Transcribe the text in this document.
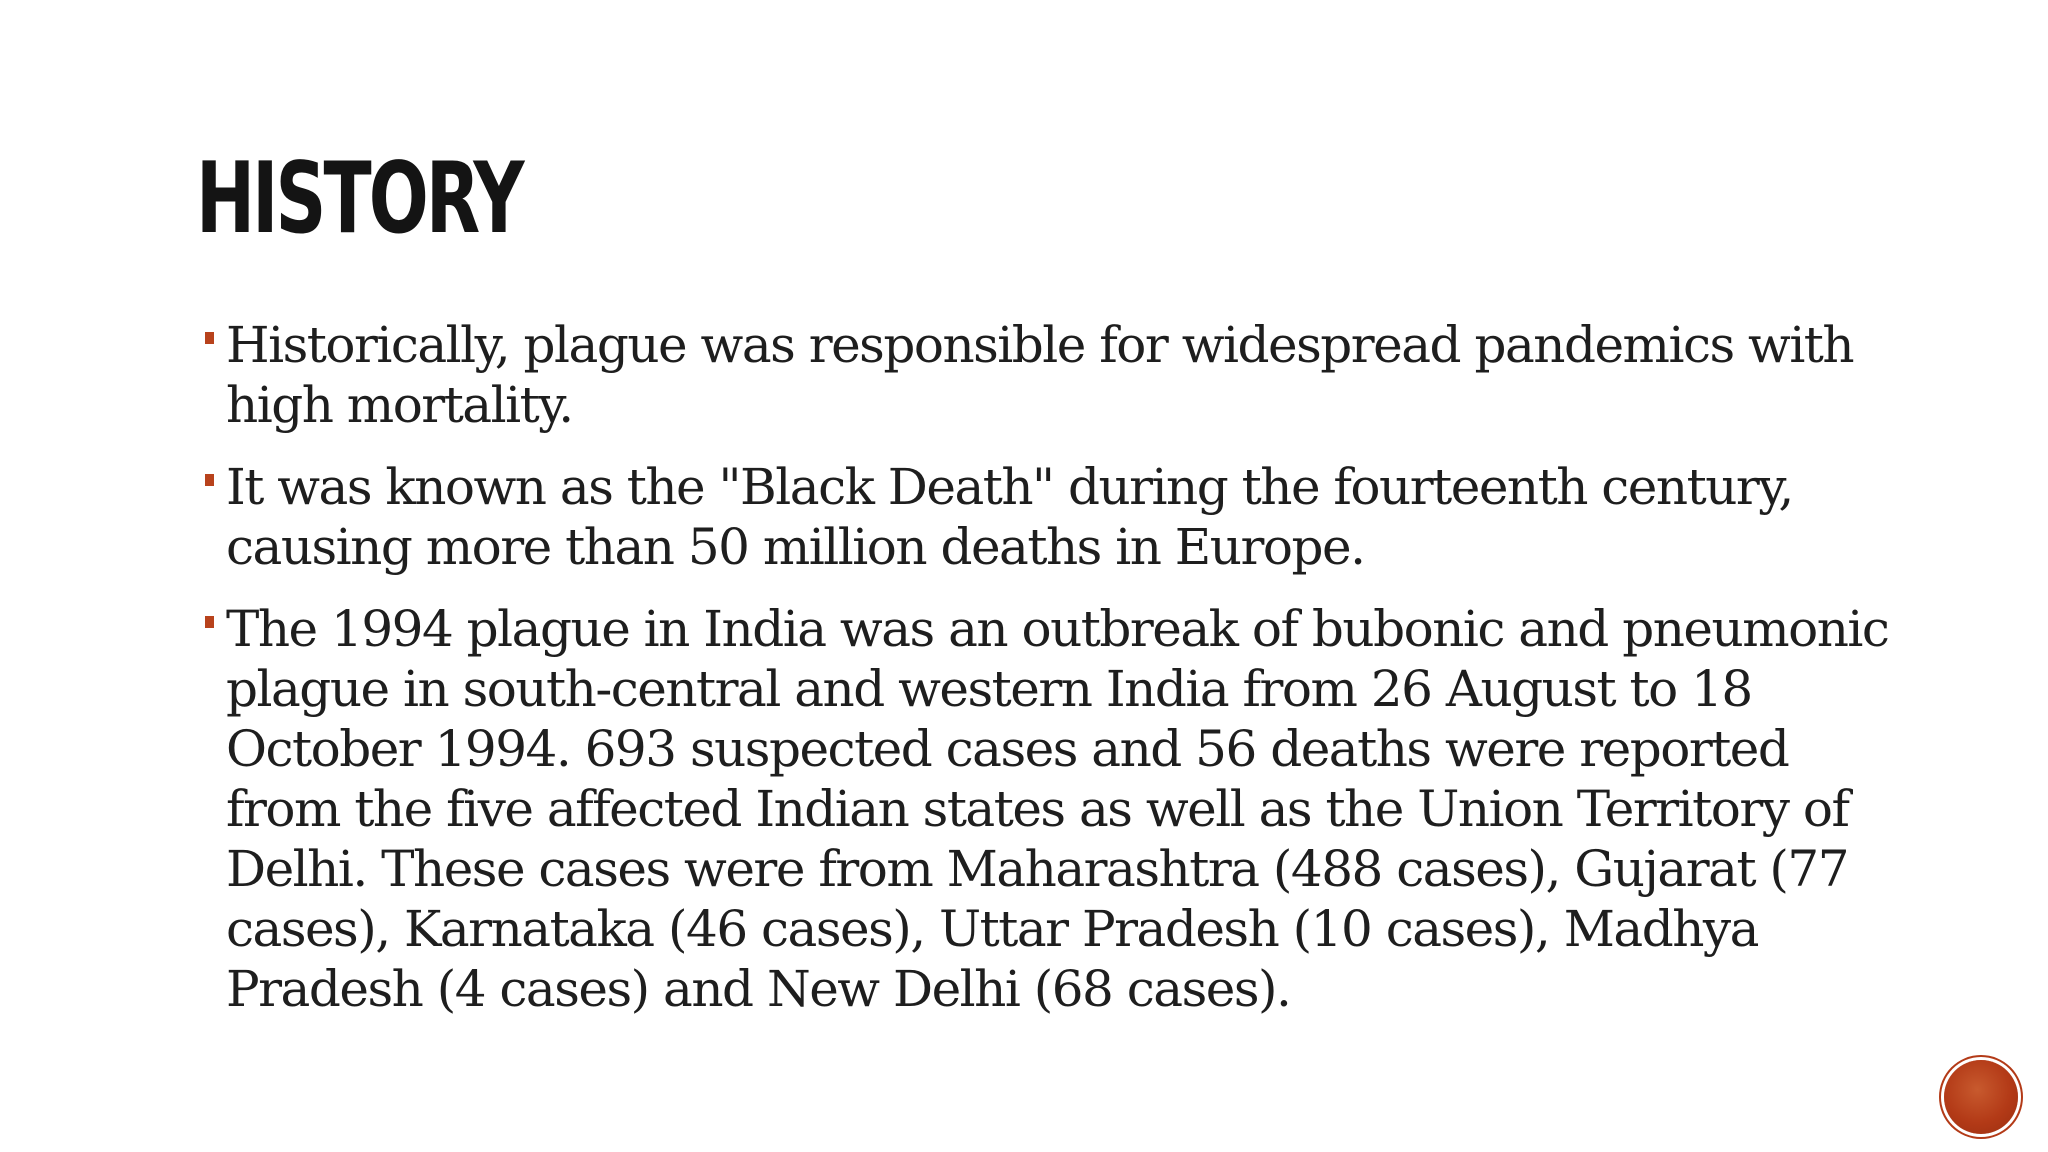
HISTORY
Historically, plague was responsible for widespread pandemics with high mortality.
It was known as the "Black Death" during the fourteenth century, causing more than 50 million deaths in Europe.
The 1994 plague in India was an outbreak of bubonic and pneumonic plague in south-central and western India from 26 August to 18 October 1994. 693 suspected cases and 56 deaths were reported from the five affected Indian states as well as the Union Territory of Delhi. These cases were from Maharashtra (488 cases), Gujarat (77 cases), Karnataka (46 cases), Uttar Pradesh (10 cases), Madhya Pradesh (4 cases) and New Delhi (68 cases).
